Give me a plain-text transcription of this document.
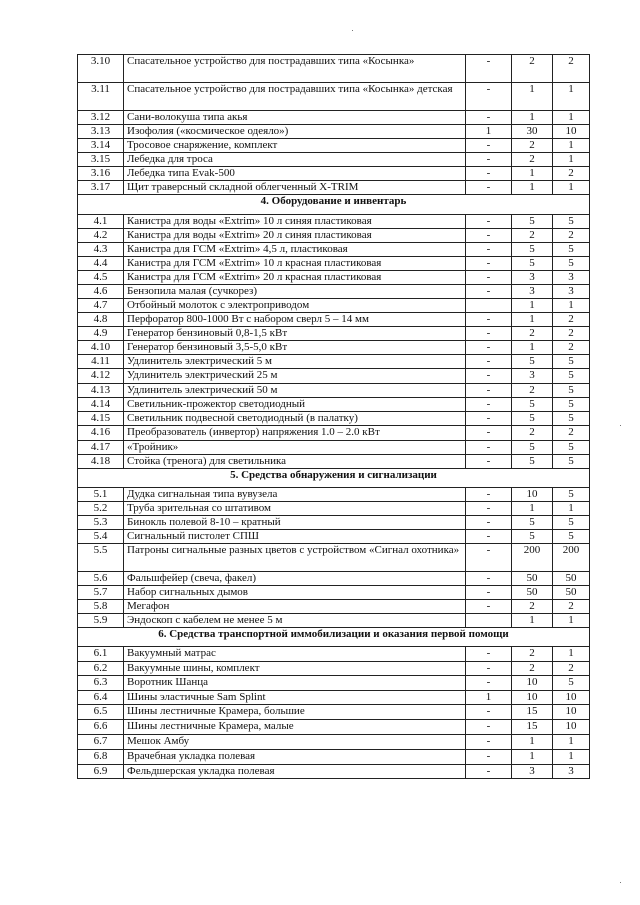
3.10	Спасательное устройство для пострадавших типа «Косынка»	-	2	2
3.11	Спасательное устройство для пострадавших типа «Косынка» детская	-	1	1
3.12	Сани-волокуша типа акья	-	1	1
3.13	Изофолия («космическое одеяло»)	1	30	10
3.14	Тросовое снаряжение, комплект	-	2	1
3.15	Лебедка для троса	-	2	1
3.16	Лебедка типа Evak-500	-	1	2
3.17	Щит траверсный складной облегченный X-TRIM	-	1	1
4. Оборудование и инвентарь				
4.1	Канистра для воды «Extrim» 10 л синяя пластиковая	-	5	5
4.2	Канистра для воды «Extrim» 20 л синяя пластиковая	-	2	2
4.3	Канистра для ГСМ «Extrim» 4,5 л, пластиковая	-	5	5
4.4	Канистра для ГСМ «Extrim» 10 л красная пластиковая	-	5	5
4.5	Канистра для ГСМ «Extrim» 20 л красная пластиковая	-	3	3
4.6	Бензопила малая (сучкорез)	-	3	3
4.7	Отбойный молоток с электроприводом		1	1
4.8	Перфоратор 800-1000 Вт с набором сверл 5 – 14 мм	-	1	2
4.9	Генератор бензиновый 0,8-1,5 кВт	-	2	2
4.10	Генератор бензиновый 3,5-5,0 кВт	-	1	2
4.11	Удлинитель электрический 5 м	-	5	5
4.12	Удлинитель электрический 25 м	-	3	5
4.13	Удлинитель электрический 50 м	-	2	5
4.14	Светильник-прожектор светодиодный	-	5	5
4.15	Светильник подвесной светодиодный (в палатку)	-	5	5
4.16	Преобразователь (инвертор) напряжения 1.0 – 2.0 кВт	-	2	2
4.17	«Тройник»	-	5	5
4.18	Стойка (тренога) для светильника	-	5	5
5. Средства обнаружения и сигнализации				
5.1	Дудка сигнальная типа вувузела	-	10	5
5.2	Труба зрительная со штативом	-	1	1
5.3	Бинокль полевой 8-10 – кратный	-	5	5
5.4	Сигнальный пистолет СПШ	-	5	5
5.5	Патроны сигнальные разных цветов с устройством «Сигнал охотника»	-	200	200
5.6	Фальшфейер (свеча, факел)	-	50	50
5.7	Набор сигнальных дымов	-	50	50
5.8	Мегафон	-	2	2
5.9	Эндоскоп с кабелем не менее 5 м		1	1
6. Средства транспортной иммобилизации и оказания первой помощи				
6.1	Вакуумный матрас	-	2	1
6.2	Вакуумные шины, комплект	-	2	2
6.3	Воротник Шанца	-	10	5
6.4	Шины эластичные Sam Splint	1	10	10
6.5	Шины лестничные Крамера, большие	-	15	10
6.6	Шины лестничные Крамера, малые	-	15	10
6.7	Мешок Амбу	-	1	1
6.8	Врачебная укладка полевая	-	1	1
6.9	Фельдшерская укладка полевая	-	3	3
